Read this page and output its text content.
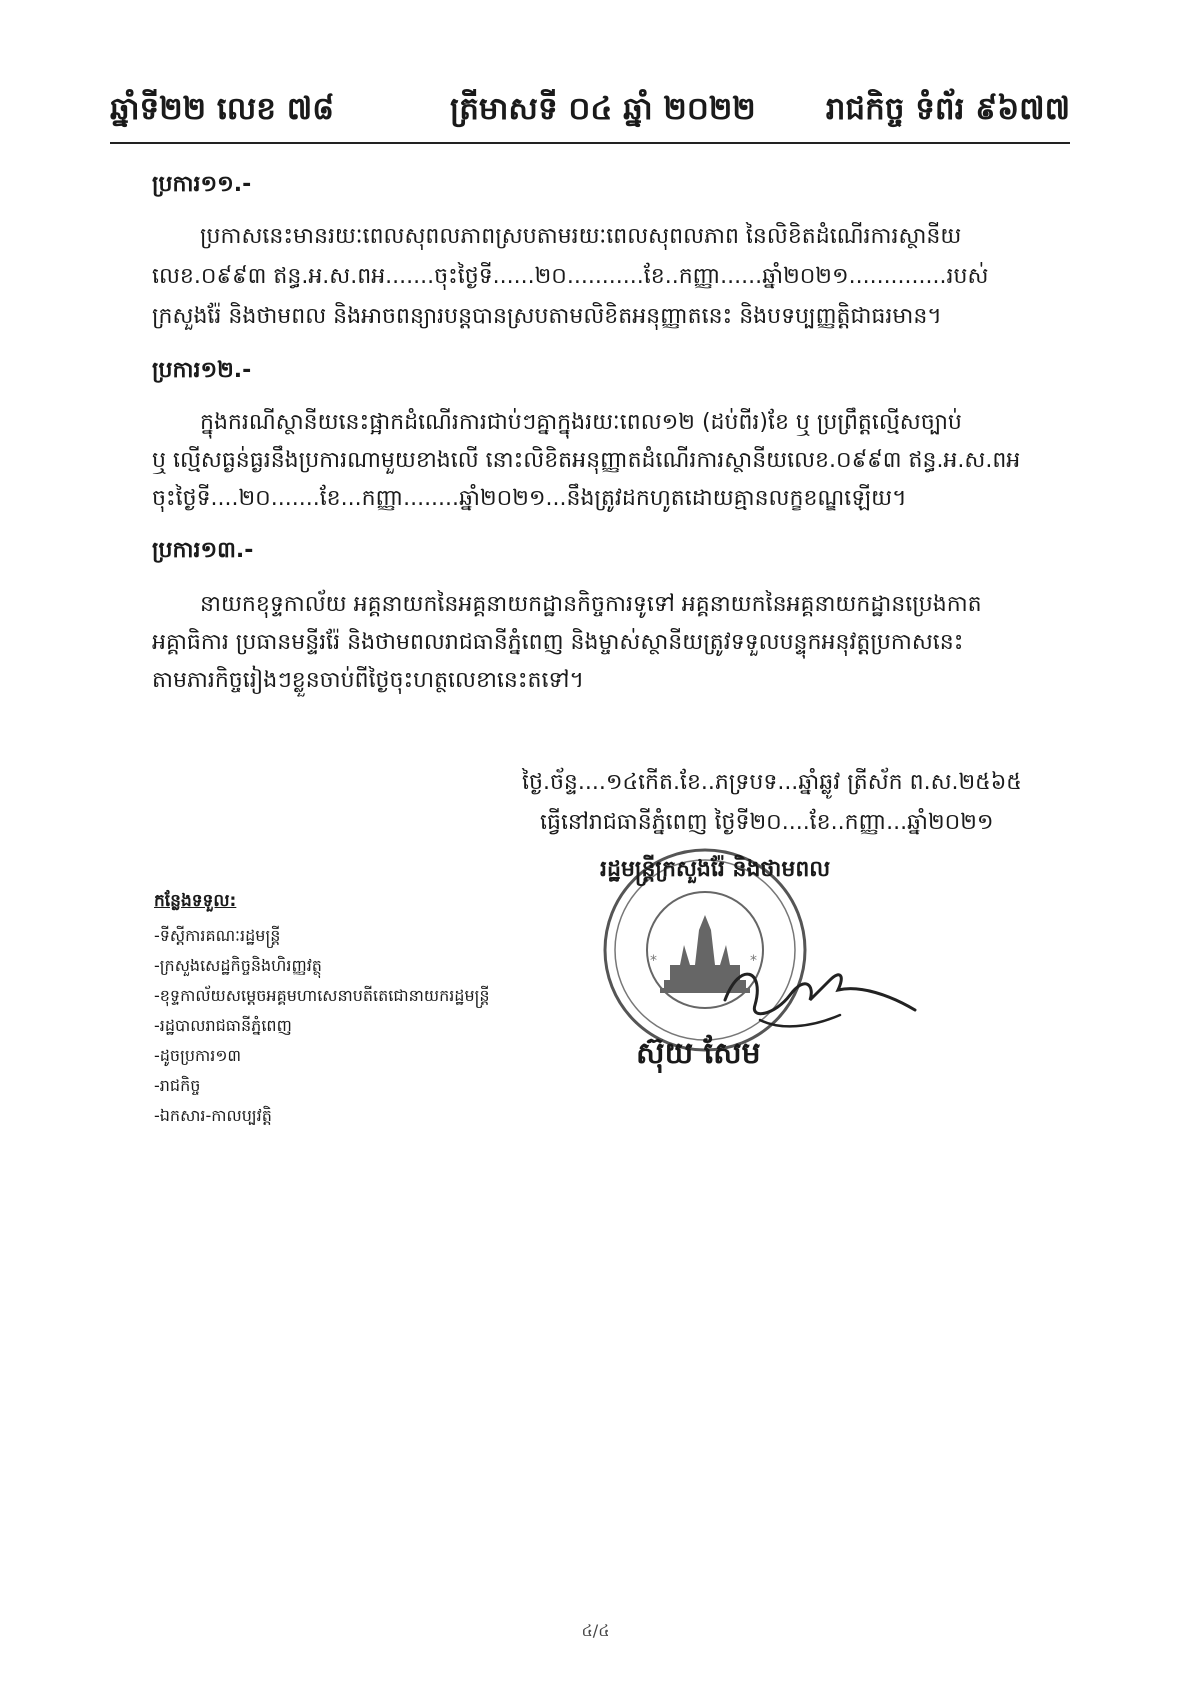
ឆ្នាំទី២២ លេខ ៧៨	ត្រីមាសទី ០៤ ឆ្នាំ ២០២២ រាជកិច្ច ទំព័រ ៩៦៧៧
ប្រការ១១.-
ប្រកាសនេះមានរយៈពេលសុពលភាពស្របតាមរយៈពេលសុពលភាព នៃលិខិតដំណើរការស្ថានីយ
លេខ.០៩៩៣ ឥន្ធ.អ.ស.ពអ.......ចុះថ្ងៃទី......២០...........ខែ..កញ្ញា......ឆ្នាំ២០២១..............របស់
ក្រសួងរ៉ែ និងថាមពល និងអាចពន្យារបន្តបានស្របតាមលិខិតអនុញ្ញាតនេះ និងបទប្បញ្ញត្តិជាធរមាន។
ប្រការ១២.-
ក្នុងករណីស្ថានីយនេះផ្អាកដំណើរការជាប់ៗគ្នាក្នុងរយៈពេល១២ (ដប់ពីរ)ខែ ឬ ប្រព្រឹត្តល្មើសច្បាប់
ឬ ល្មើសធ្ងន់ធ្ងរនឹងប្រការណាមួយខាងលើ នោះលិខិតអនុញ្ញាតដំណើរការស្ថានីយលេខ.០៩៩៣ ឥន្ធ.អ.ស.ពអ
ចុះថ្ងៃទី....២០.......ខែ...កញ្ញា........ឆ្នាំ២០២១...នឹងត្រូវដកហូតដោយគ្មានលក្ខខណ្ឌឡើយ។
ប្រការ១៣.-
នាយកខុទ្ទកាល័យ អគ្គនាយកនៃអគ្គនាយកដ្ឋានកិច្ចការទូទៅ អគ្គនាយកនៃអគ្គនាយកដ្ឋានប្រេងកាត
អគ្គាធិការ ប្រធានមន្ទីររ៉ែ និងថាមពលរាជធានីភ្នំពេញ និងម្ចាស់ស្ថានីយត្រូវទទួលបន្ទុកអនុវត្តប្រកាសនេះ
តាមភារកិច្ចរៀងៗខ្លួនចាប់ពីថ្ងៃចុះហត្ថលេខានេះតទៅ។
ថ្ងៃ.ច័ន្ទ....១៤កើត.ខែ..ភទ្របទ...ឆ្នាំឆ្លូវ ត្រីស័ក ព.ស.២៥៦៥
ធ្វើនៅរាជធានីភ្នំពេញ ថ្ងៃទី២០....ខែ..កញ្ញា...ឆ្នាំ២០២១
*	*
រដ្ឋមន្ត្រីក្រសួងរ៉ែ និងថាមពល
ស៊ុយ សែម
កន្លែងទទួល:
-ទីស្តីការគណៈរដ្ឋមន្ត្រី
-ក្រសួងសេដ្ឋកិច្ចនិងហិរញ្ញវត្ថុ
-ខុទ្ទកាល័យសម្តេចអគ្គមហាសេនាបតីតេជោនាយករដ្ឋមន្ត្រី
-រដ្ឋបាលរាជធានីភ្នំពេញ
-ដូចប្រការ១៣
-រាជកិច្ច
-ឯកសារ-កាលប្បវត្តិ
៤/៤
